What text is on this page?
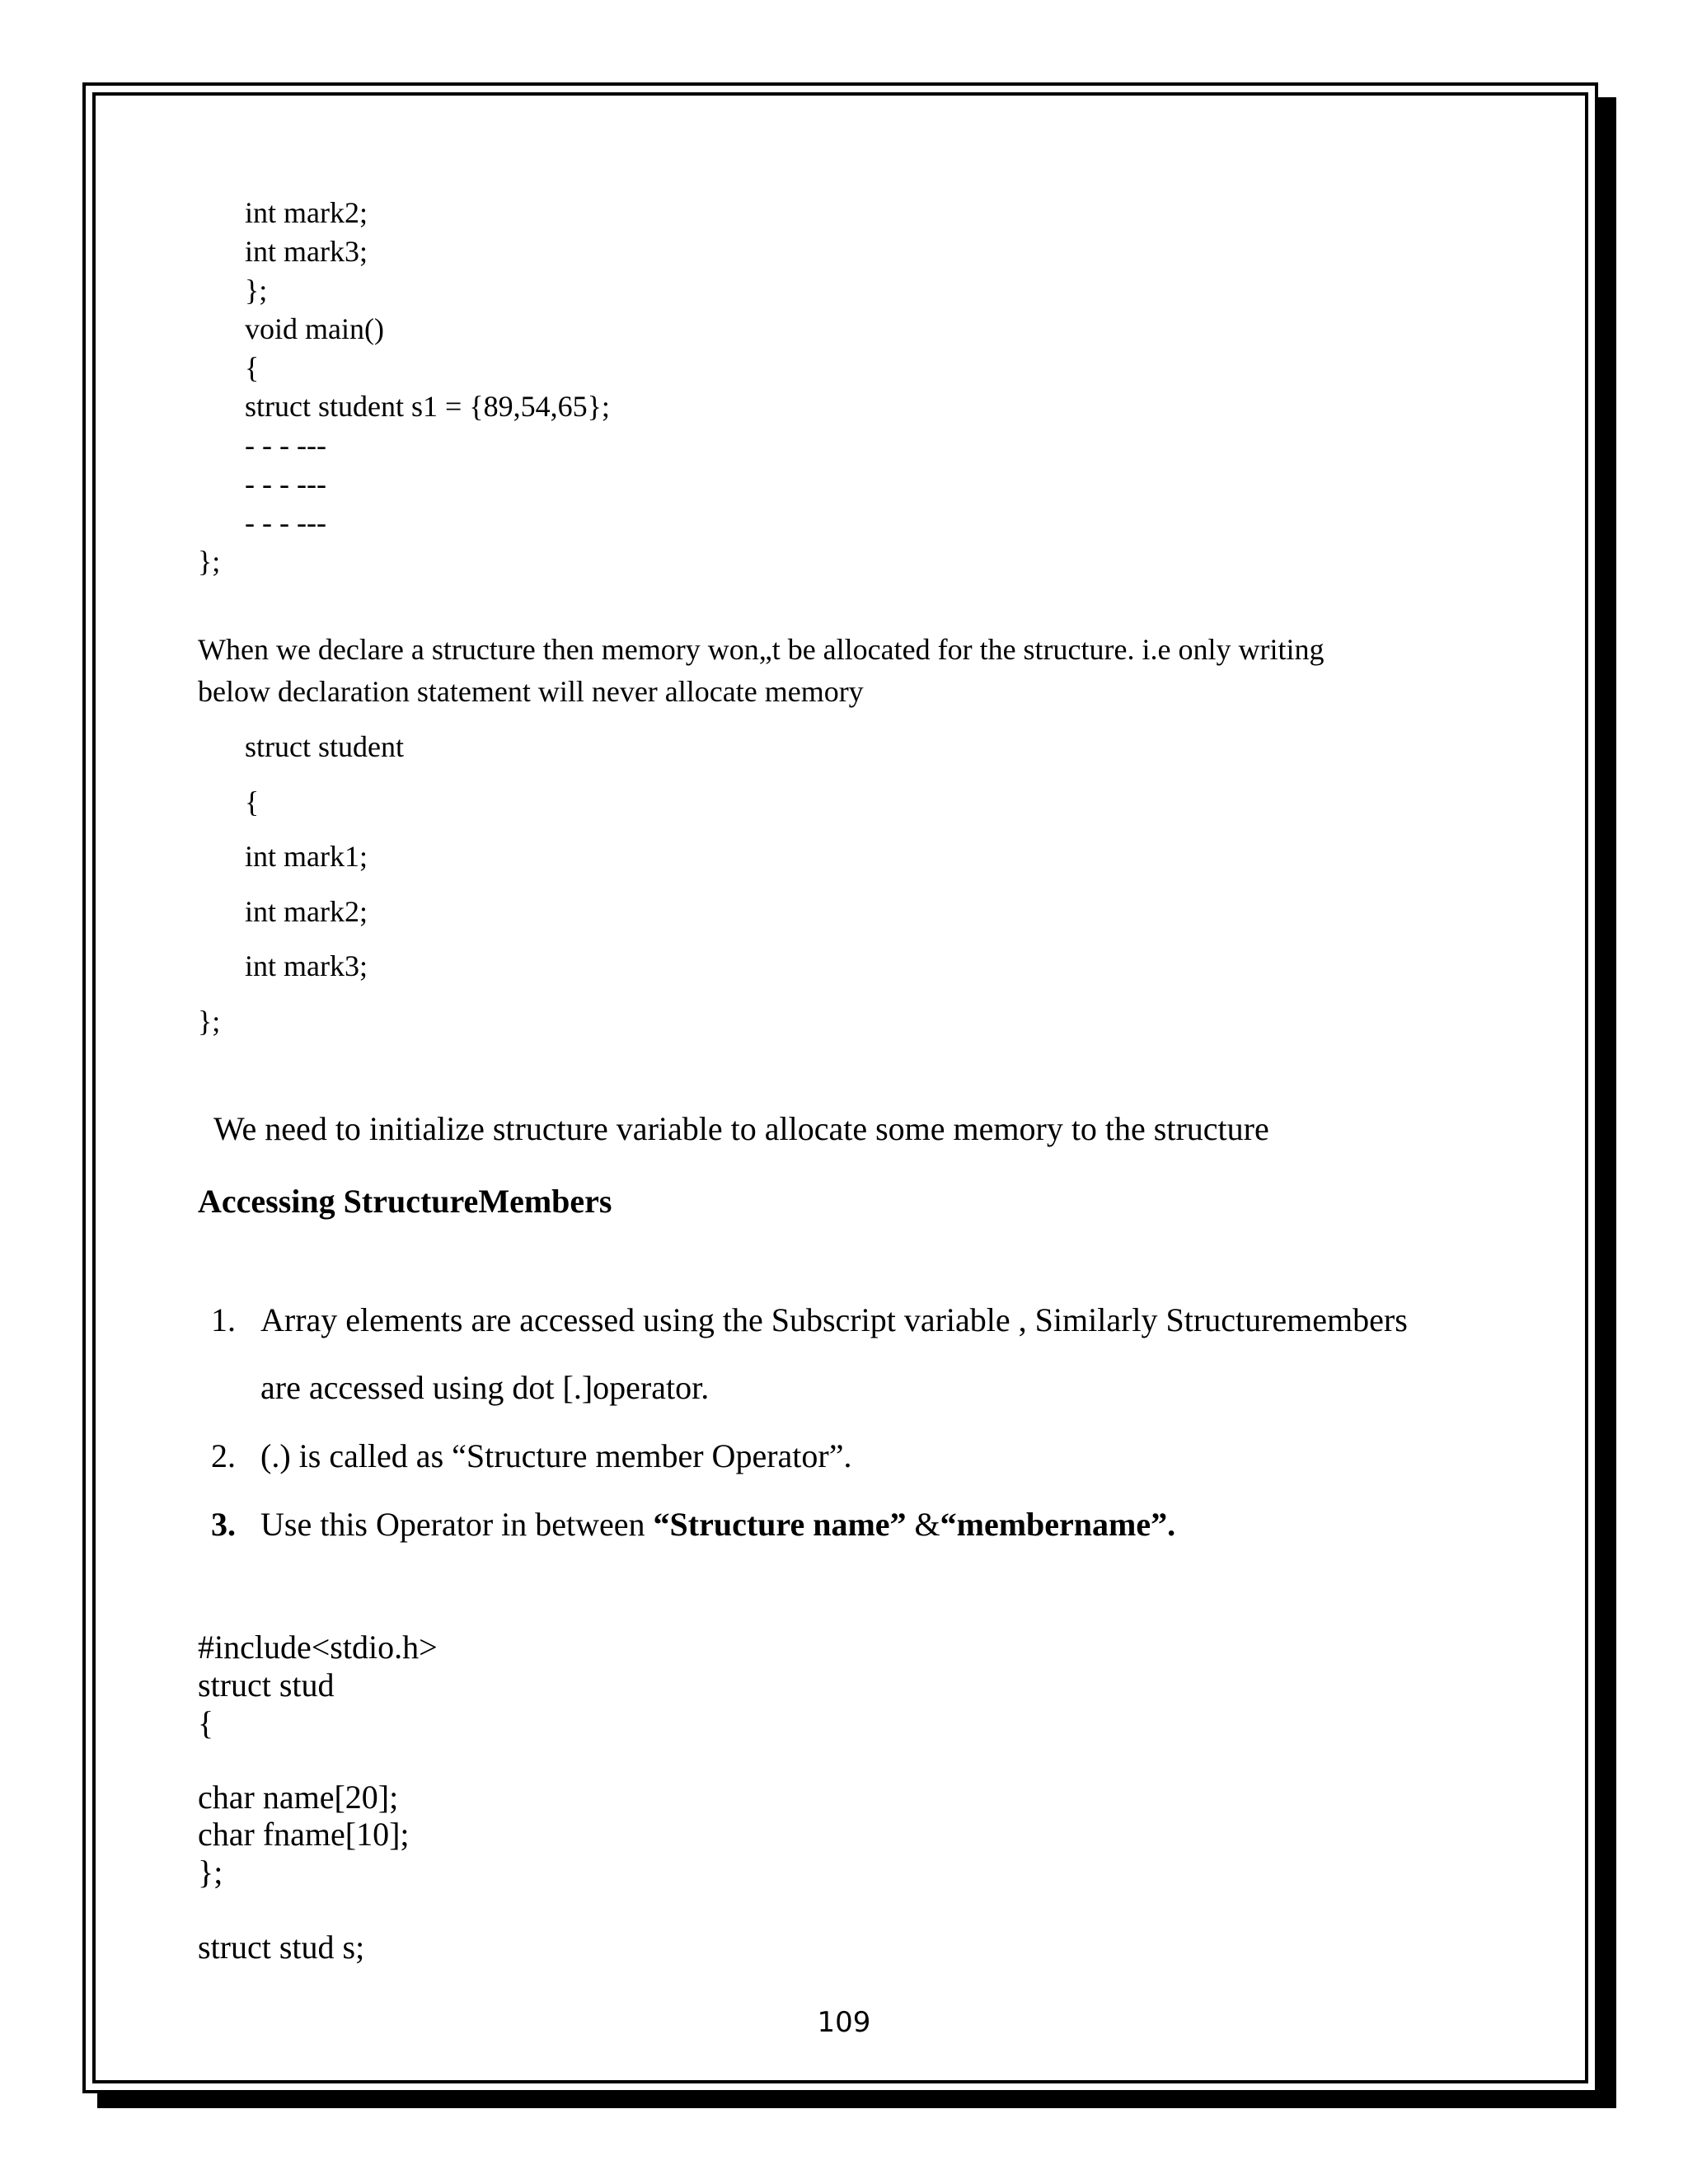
int mark2;
int mark3;
};
void main()
{
struct student s1 = {89,54,65};
- - - ---
- - - ---
- - - ---
};
When we declare a structure then memory won„t be allocated for the structure. i.e only writing
below declaration statement will never allocate memory
struct student
{
int mark1;
int mark2;
int mark3;
};
We need to initialize structure variable to allocate some memory to the structure
Accessing StructureMembers
1. Array elements are accessed using the Subscript variable , Similarly Structuremembers
are accessed using dot [.]operator.
2. (.) is called as “Structure member Operator”.
3. Use this Operator in between “Structure name” &“membername”.
#include<stdio.h>
struct stud
{
char name[20];
char fname[10];
};
struct stud s;
109
